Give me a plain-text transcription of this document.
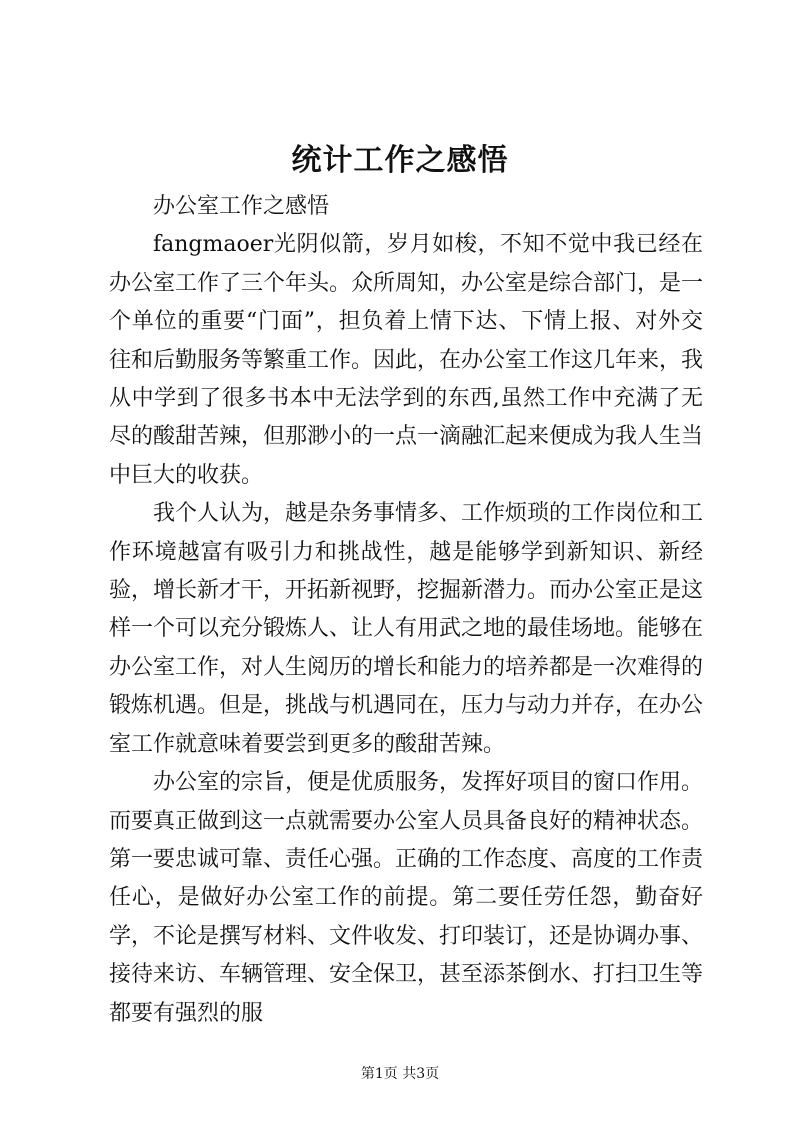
统计工作之感悟

办公室工作之感悟

fangmaoer光阴似箭，岁月如梭，不知不觉中我已经在办公室工作了三个年头。众所周知，办公室是综合部门，是一个单位的重要“门面”，担负着上情下达、下情上报、对外交往和后勤服务等繁重工作。因此，在办公室工作这几年来，我从中学到了很多书本中无法学到的东西,虽然工作中充满了无尽的酸甜苦辣，但那渺小的一点一滴融汇起来便成为我人生当中巨大的收获。

我个人认为，越是杂务事情多、工作烦琐的工作岗位和工作环境越富有吸引力和挑战性，越是能够学到新知识、新经验，增长新才干，开拓新视野，挖掘新潜力。而办公室正是这样一个可以充分锻炼人、让人有用武之地的最佳场地。能够在办公室工作，对人生阅历的增长和能力的培养都是一次难得的锻炼机遇。但是，挑战与机遇同在，压力与动力并存，在办公室工作就意味着要尝到更多的酸甜苦辣。

办公室的宗旨，便是优质服务，发挥好项目的窗口作用。而要真正做到这一点就需要办公室人员具备良好的精神状态。第一要忠诚可靠、责任心强。正确的工作态度、高度的工作责任心，是做好办公室工作的前提。第二要任劳任怨，勤奋好学，不论是撰写材料、文件收发、打印装订，还是协调办事、接待来访、车辆管理、安全保卫，甚至添茶倒水、打扫卫生等都要有强烈的服

第1页 共3页
